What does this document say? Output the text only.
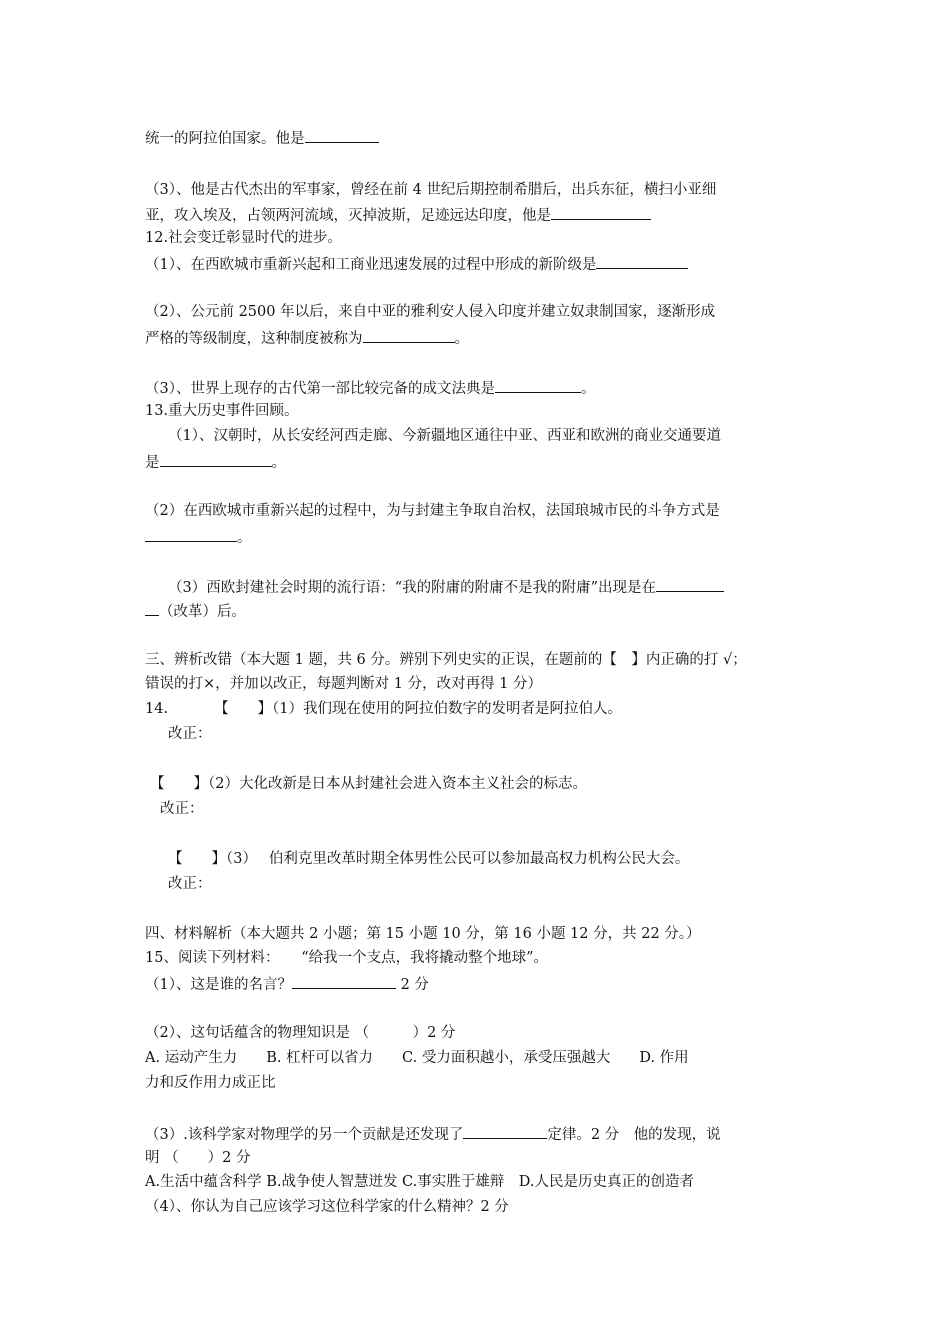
统一的阿拉伯国家。他是
（3）、他是古代杰出的军事家，曾经在前 4 世纪后期控制希腊后，出兵东征，横扫小亚细
亚，攻入埃及，占领两河流域，灭掉波斯，足迹远达印度，他是
12.社会变迁彰显时代的进步。
（1）、在西欧城市重新兴起和工商业迅速发展的过程中形成的新阶级是
（2）、公元前 2500 年以后，来自中亚的雅利安人侵入印度并建立奴隶制国家，逐渐形成
严格的等级制度，这种制度被称为	。
（3）、世界上现存的古代第一部比较完备的成文法典是	。
13.重大历史事件回顾。
（1）、汉朝时，从长安经河西走廊、今新疆地区通往中亚、西亚和欧洲的商业交通要道
是	。
（2）在西欧城市重新兴起的过程中，为与封建主争取自治权，法国琅城市民的斗争方式是
。
（3）西欧封建社会时期的流行语：“我的附庸的附庸不是我的附庸”出现是在
（改革）后。
三、辨析改错（本大题 1 题，共 6 分。辨别下列史实的正误，在题前的【　】内正确的打 √；
错误的打×，并加以改正，每题判断对 1 分，改对再得 1 分）
14.	【　　】（1）我们现在使用的阿拉伯数字的发明者是阿拉伯人。
改正：
【　　】（2）大化改新是日本从封建社会进入资本主义社会的标志。
改正：
【　　】（3）　 伯利克里改革时期全体男性公民可以参加最高权力机构公民大会。
改正：
四、材料解析（本大题共 2 小题；第 15 小题 10 分，第 16 小题 12 分，共 22 分。）
15、阅读下列材料：　　“给我一个支点，我将撬动整个地球”。
（1）、这是谁的名言？	2 分
（2）、这句话蕴含的物理知识是 （　　　）2 分
A. 运动产生力　　B. 杠杆可以省力　　C. 受力面积越小，承受压强越大　　D. 作用
力和反作用力成正比
（3）.该科学家对物理学的另一个贡献是还发现了	定律。2 分　他的发现，说
明 （　　）2 分
A.生活中蕴含科学 B.战争使人智慧迸发 C.事实胜于雄辩　D.人民是历史真正的创造者
（4）、你认为自己应该学习这位科学家的什么精神？2 分
